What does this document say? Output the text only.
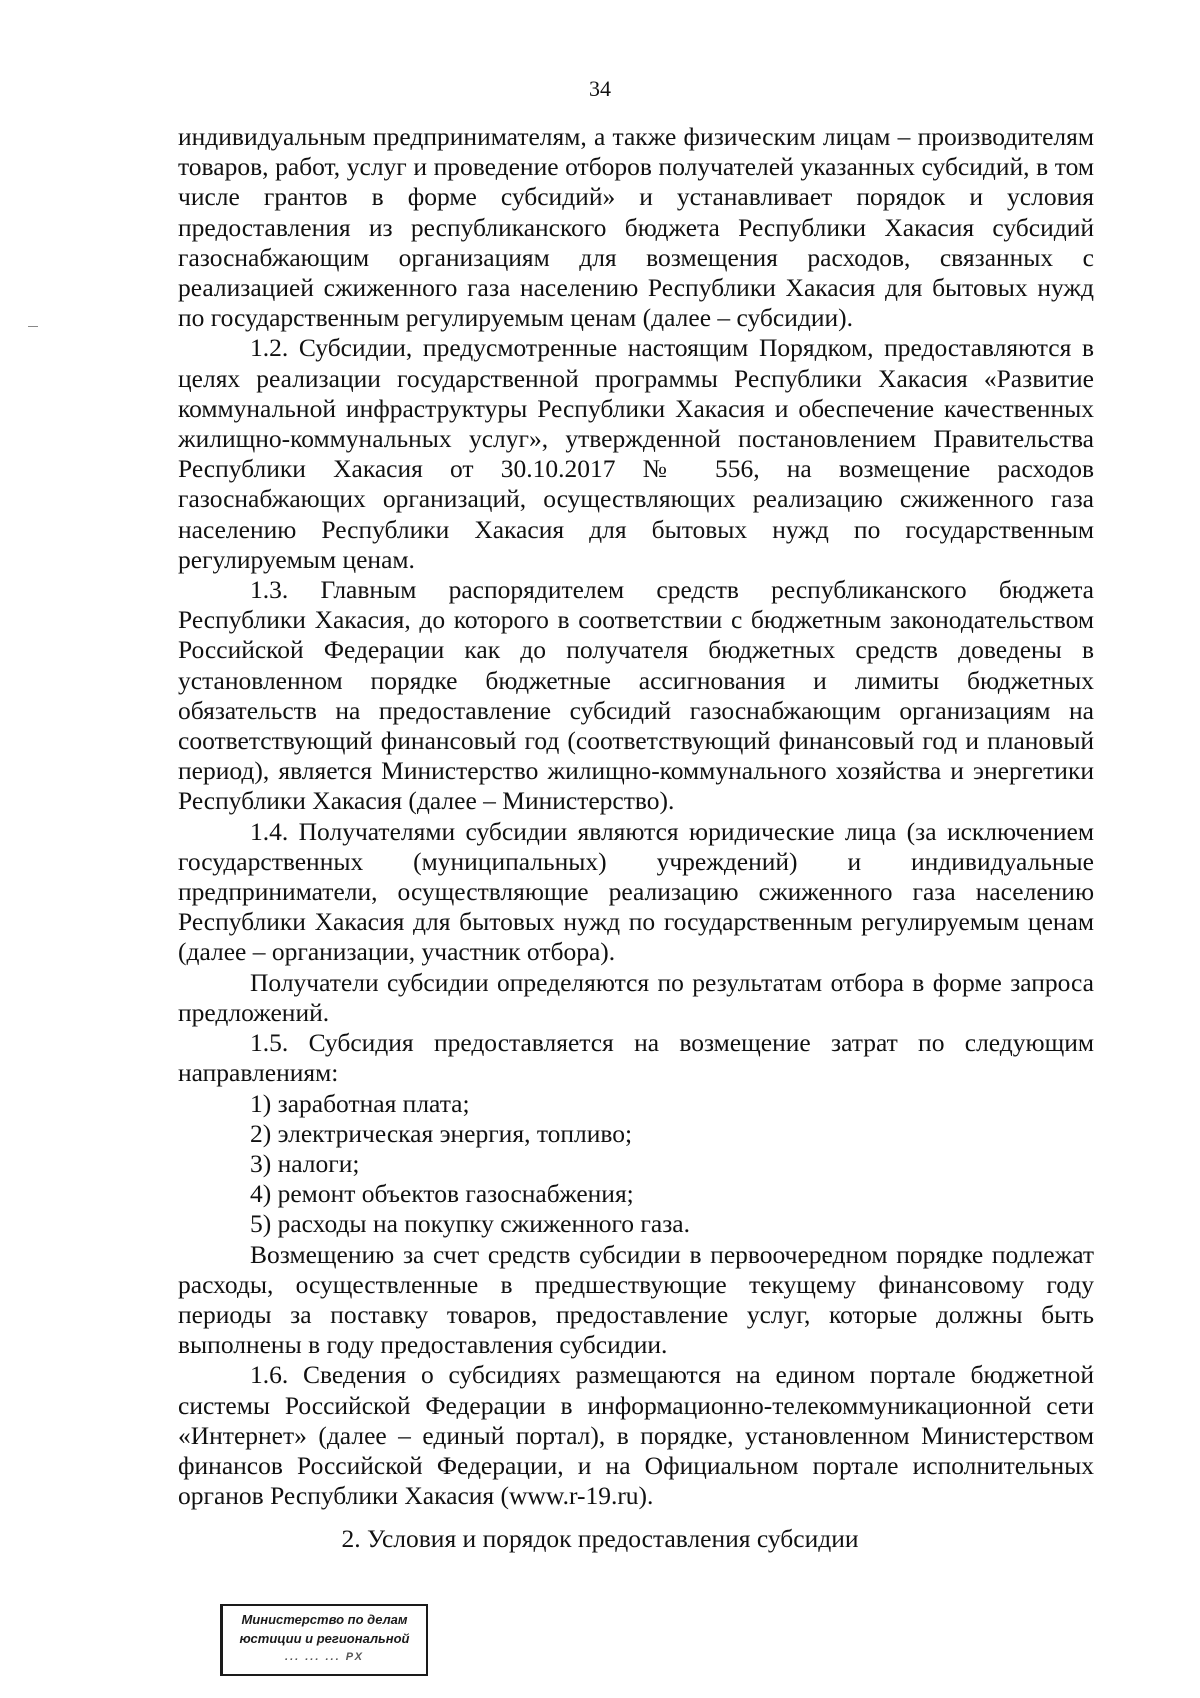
34

индивидуальным предпринимателям, а также физическим лицам – производителям товаров, работ, услуг и проведение отборов получателей указанных субсидий, в том числе грантов в форме субсидий» и устанавливает порядок и условия предоставления из республиканского бюджета Республики Хакасия субсидий газоснабжающим организациям для возмещения расходов, связанных с реализацией сжиженного газа населению Республики Хакасия для бытовых нужд по государственным регулируемым ценам (далее – субсидии).

1.2. Субсидии, предусмотренные настоящим Порядком, предоставляются в целях реализации государственной программы Республики Хакасия «Развитие коммунальной инфраструктуры Республики Хакасия и обеспечение качественных жилищно-коммунальных услуг», утвержденной постановлением Правительства Республики Хакасия от 30.10.2017 № 556, на возмещение расходов газоснабжающих организаций, осуществляющих реализацию сжиженного газа населению Республики Хакасия для бытовых нужд по государственным регулируемым ценам.

1.3. Главным распорядителем средств республиканского бюджета Республики Хакасия, до которого в соответствии с бюджетным законодательством Российской Федерации как до получателя бюджетных средств доведены в установленном порядке бюджетные ассигнования и лимиты бюджетных обязательств на предоставление субсидий газоснабжающим организациям на соответствующий финансовый год (соответствующий финансовый год и плановый период), является Министерство жилищно-коммунального хозяйства и энергетики Республики Хакасия (далее – Министерство).

1.4. Получателями субсидии являются юридические лица (за исключением государственных (муниципальных) учреждений) и индивидуальные предприниматели, осуществляющие реализацию сжиженного газа населению Республики Хакасия для бытовых нужд по государственным регулируемым ценам (далее – организации, участник отбора).

Получатели субсидии определяются по результатам отбора в форме запроса предложений.

1.5. Субсидия предоставляется на возмещение затрат по следующим направлениям:

1) заработная плата;

2) электрическая энергия, топливо;

3) налоги;

4) ремонт объектов газоснабжения;

5) расходы на покупку сжиженного газа.

Возмещению за счет средств субсидии в первоочередном порядке подлежат расходы, осуществленные в предшествующие текущему финансовому году периоды за поставку товаров, предоставление услуг, которые должны быть выполнены в году предоставления субсидии.

1.6. Сведения о субсидиях размещаются на едином портале бюджетной системы Российской Федерации в информационно-телекоммуникационной сети «Интернет» (далее – единый портал), в порядке, установленном Министерством финансов Российской Федерации, и на Официальном портале исполнительных органов Республики Хакасия (www.r-19.ru).

2. Условия и порядок предоставления субсидии
Министерство по делам
юстиции и региональной
... ... ... РХ
